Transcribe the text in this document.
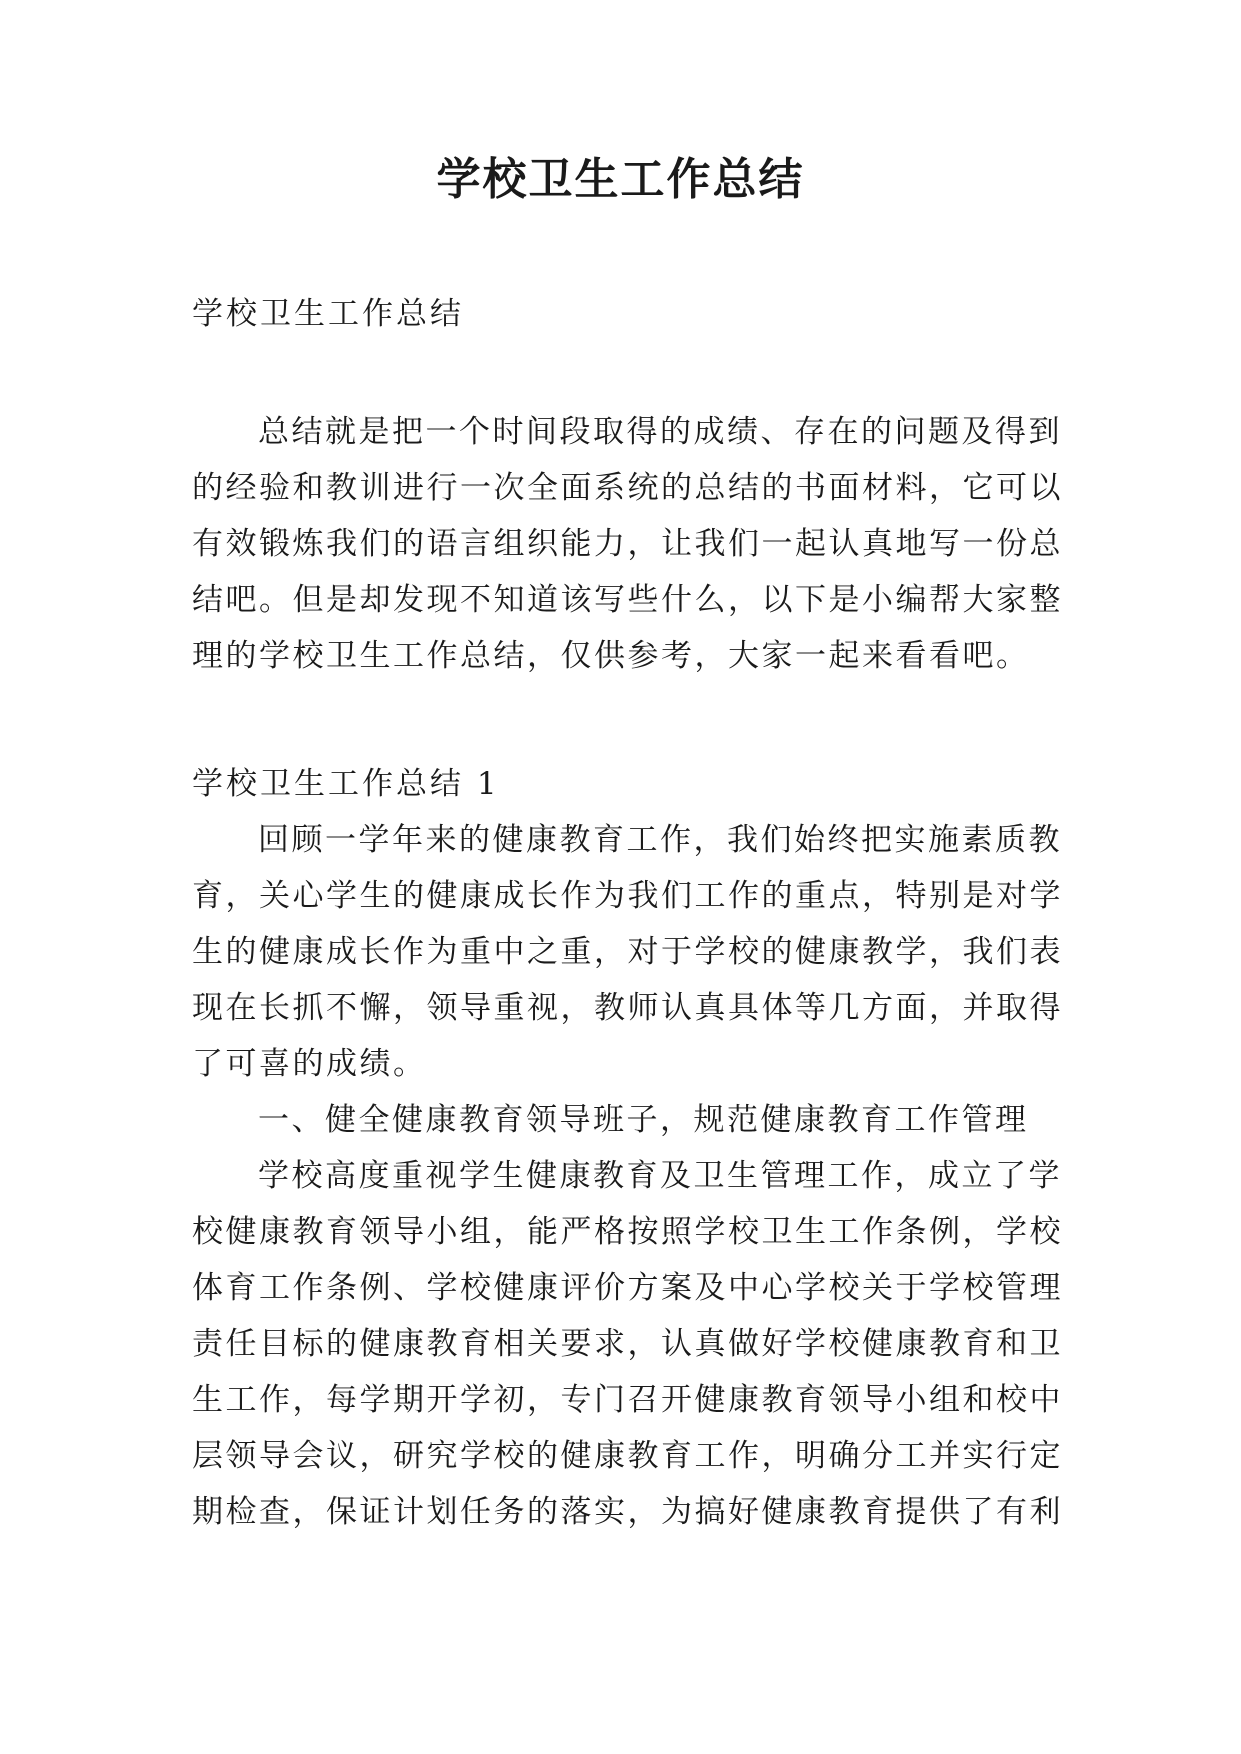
学校卫生工作总结
学校卫生工作总结
总结就是把一个时间段取得的成绩、存在的问题及得到
的经验和教训进行一次全面系统的总结的书面材料，它可以
有效锻炼我们的语言组织能力，让我们一起认真地写一份总
结吧。但是却发现不知道该写些什么，以下是小编帮大家整
理的学校卫生工作总结，仅供参考，大家一起来看看吧。
学校卫生工作总结 1
回顾一学年来的健康教育工作，我们始终把实施素质教
育，关心学生的健康成长作为我们工作的重点，特别是对学
生的健康成长作为重中之重，对于学校的健康教学，我们表
现在长抓不懈，领导重视，教师认真具体等几方面，并取得
了可喜的成绩。
一、健全健康教育领导班子，规范健康教育工作管理
学校高度重视学生健康教育及卫生管理工作，成立了学
校健康教育领导小组，能严格按照学校卫生工作条例，学校
体育工作条例、学校健康评价方案及中心学校关于学校管理
责任目标的健康教育相关要求，认真做好学校健康教育和卫
生工作，每学期开学初，专门召开健康教育领导小组和校中
层领导会议，研究学校的健康教育工作，明确分工并实行定
期检查，保证计划任务的落实，为搞好健康教育提供了有利
